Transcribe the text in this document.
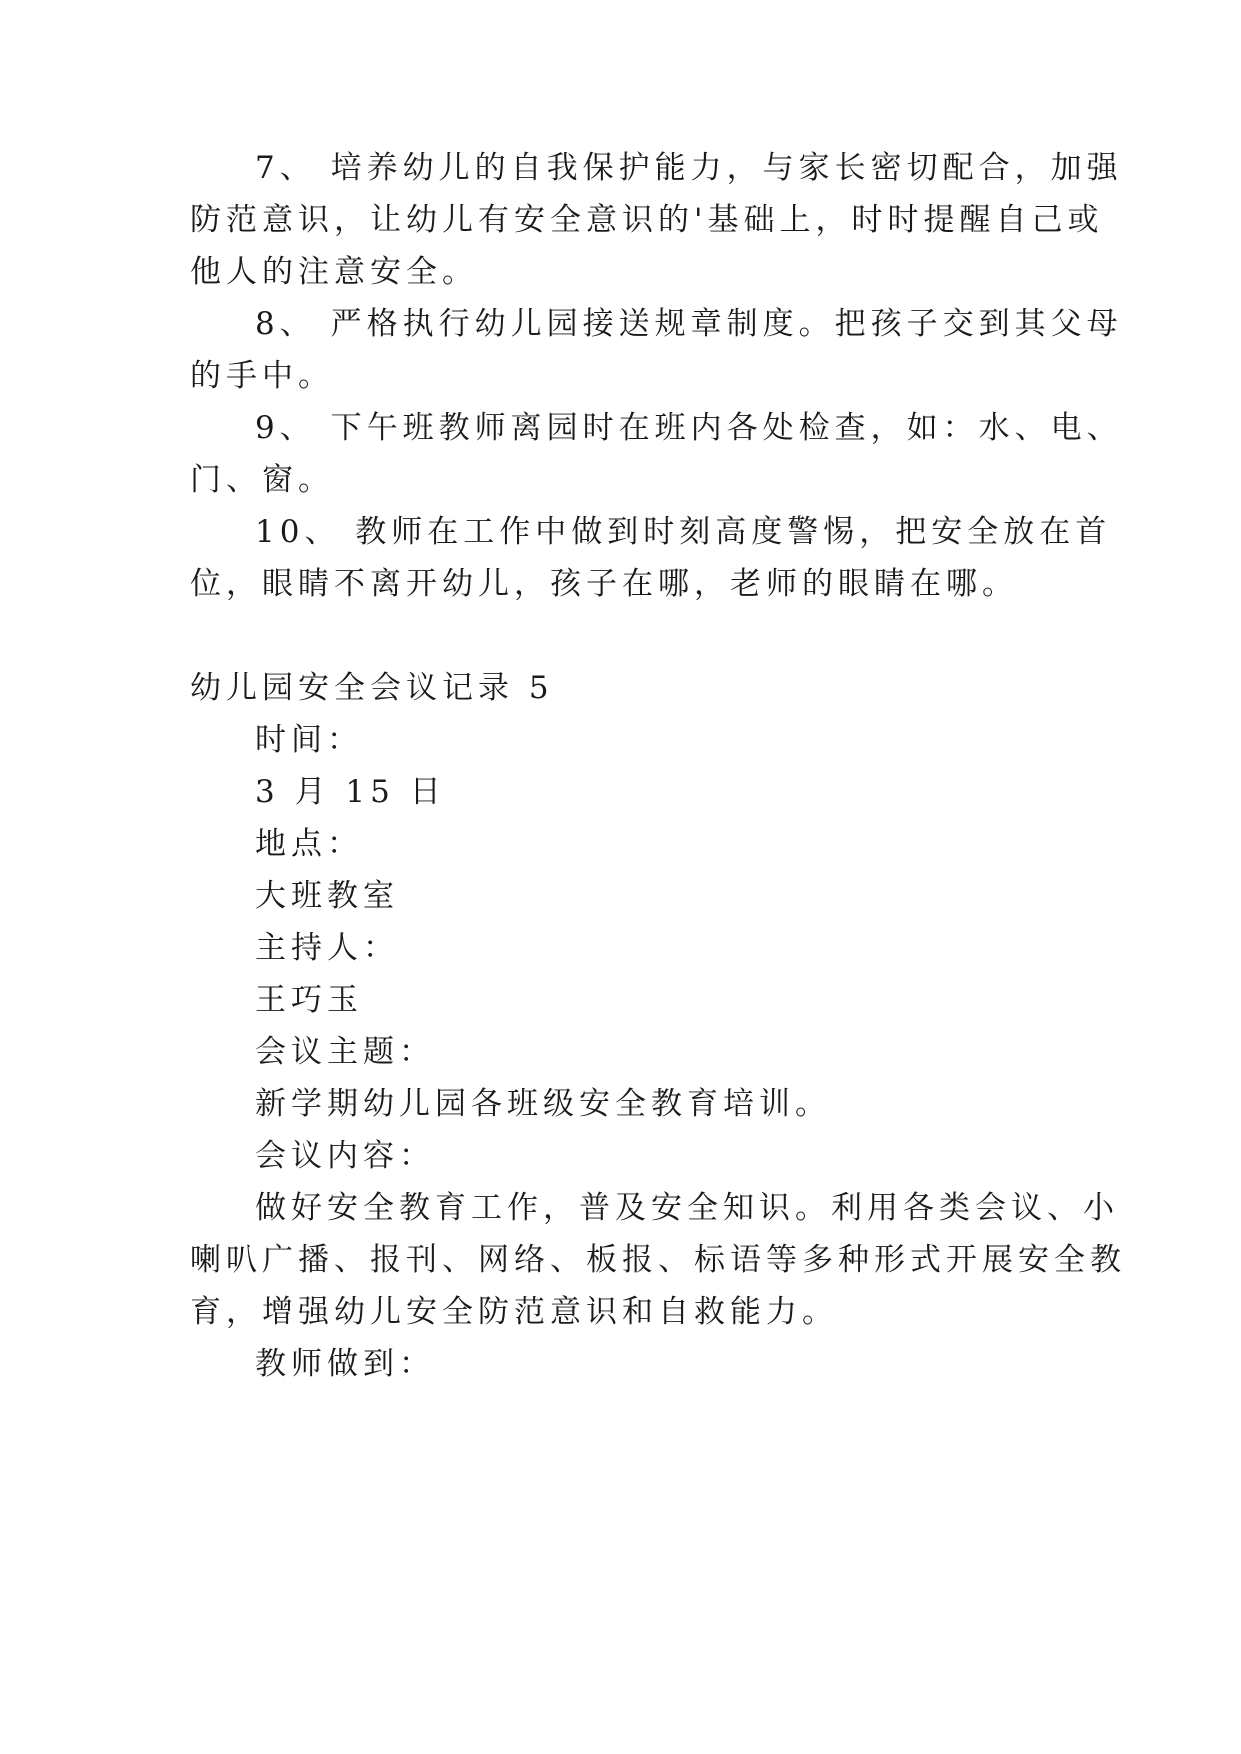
7、 培养幼儿的自我保护能力，与家长密切配合，加强
防范意识，让幼儿有安全意识的'基础上，时时提醒自己或
他人的注意安全。
8、 严格执行幼儿园接送规章制度。把孩子交到其父母
的手中。
9、 下午班教师离园时在班内各处检查，如：水、电、
门、窗。
10、 教师在工作中做到时刻高度警惕，把安全放在首
位，眼睛不离开幼儿，孩子在哪，老师的眼睛在哪。
幼儿园安全会议记录 5
时间：
3 月 15 日
地点：
大班教室
主持人：
王巧玉
会议主题：
新学期幼儿园各班级安全教育培训。
会议内容：
做好安全教育工作，普及安全知识。利用各类会议、小
喇叭广播、报刊、网络、板报、标语等多种形式开展安全教
育，增强幼儿安全防范意识和自救能力。
教师做到：
